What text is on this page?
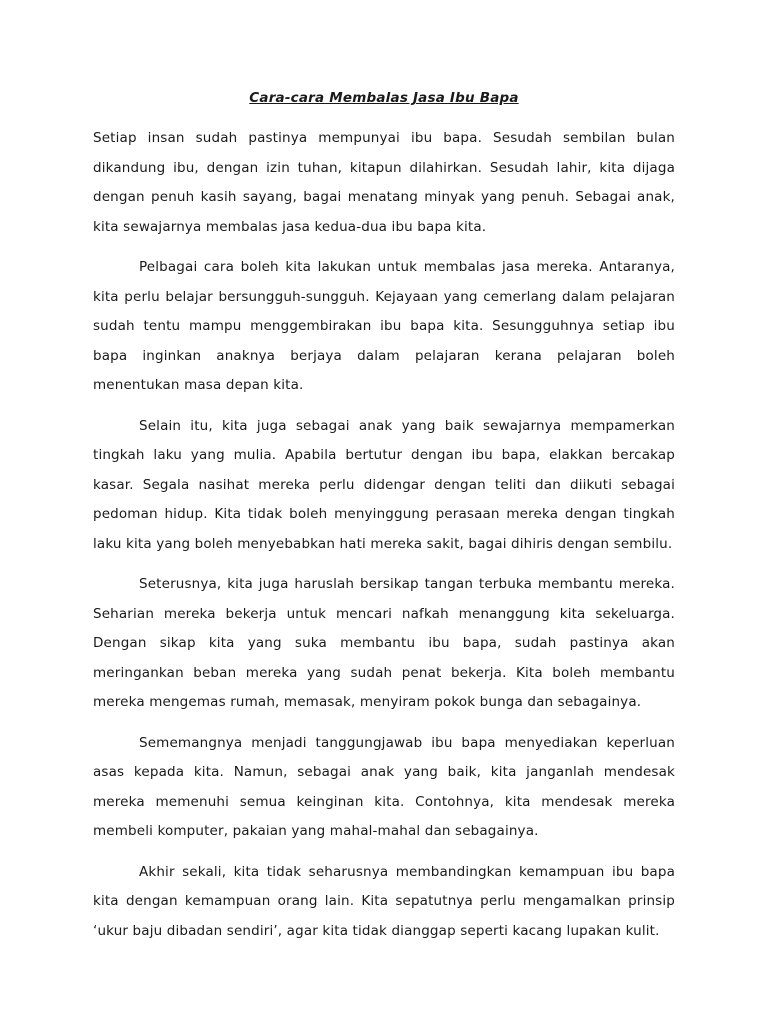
Cara-cara Membalas Jasa Ibu Bapa

Setiap insan sudah pastinya mempunyai ibu bapa. Sesudah sembilan bulan dikandung ibu, dengan izin tuhan, kitapun dilahirkan. Sesudah lahir, kita dijaga dengan penuh kasih sayang, bagai menatang minyak yang penuh. Sebagai anak, kita sewajarnya membalas jasa kedua-dua ibu bapa kita.

Pelbagai cara boleh kita lakukan untuk membalas jasa mereka. Antaranya, kita perlu belajar bersungguh-sungguh. Kejayaan yang cemerlang dalam pelajaran sudah tentu mampu menggembirakan ibu bapa kita. Sesungguhnya setiap ibu bapa inginkan anaknya berjaya dalam pelajaran kerana pelajaran boleh menentukan masa depan kita.

Selain itu, kita juga sebagai anak yang baik sewajarnya mempamerkan tingkah laku yang mulia. Apabila bertutur dengan ibu bapa, elakkan bercakap kasar. Segala nasihat mereka perlu didengar dengan teliti dan diikuti sebagai pedoman hidup. Kita tidak boleh menyinggung perasaan mereka dengan tingkah laku kita yang boleh menyebabkan hati mereka sakit, bagai dihiris dengan sembilu.

Seterusnya, kita juga haruslah bersikap tangan terbuka membantu mereka. Seharian mereka bekerja untuk mencari nafkah menanggung kita sekeluarga. Dengan sikap kita yang suka membantu ibu bapa, sudah pastinya akan meringankan beban mereka yang sudah penat bekerja. Kita boleh membantu mereka mengemas rumah, memasak, menyiram pokok bunga dan sebagainya.

Sememangnya menjadi tanggungjawab ibu bapa menyediakan keperluan asas kepada kita. Namun, sebagai anak yang baik, kita janganlah mendesak mereka memenuhi semua keinginan kita. Contohnya, kita mendesak mereka membeli komputer, pakaian yang mahal-mahal dan sebagainya.

Akhir sekali, kita tidak seharusnya membandingkan kemampuan ibu bapa kita dengan kemampuan orang lain. Kita sepatutnya perlu mengamalkan prinsip ‘ukur baju dibadan sendiri’, agar kita tidak dianggap seperti kacang lupakan kulit.
